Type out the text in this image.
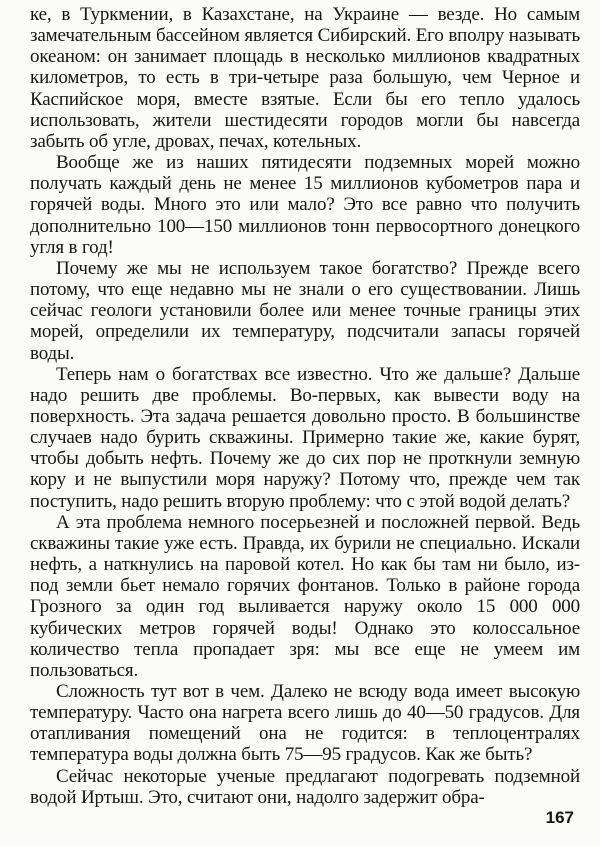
ке, в Туркмении, в Казахстане, на Украине — везде. Но самым замечательным бассейном является Сибирский. Его вполру называть океаном: он занимает площадь в несколько миллионов квадратных километров, то есть в три-четыре раза большую, чем Черное и Каспийское моря, вместе взятые. Если бы его тепло удалось использовать, жители шестидесяти городов могли бы навсегда забыть об угле, дровах, печах, котельных.

Вообще же из наших пятидесяти подземных морей можно получать каждый день не менее 15 миллионов кубометров пара и горячей воды. Много это или мало? Это все равно что получить дополнительно 100—150 миллионов тонн первосортного донецкого угля в год!

Почему же мы не используем такое богатство? Прежде всего потому, что еще недавно мы не знали о его существовании. Лишь сейчас геологи установили более или менее точные границы этих морей, определили их температуру, подсчитали запасы горячей воды.

Теперь нам о богатствах все известно. Что же дальше? Дальше надо решить две проблемы. Во-первых, как вывести воду на поверхность. Эта задача решается довольно просто. В большинстве случаев надо бурить скважины. Примерно такие же, какие бурят, чтобы добыть нефть. Почему же до сих пор не проткнули земную кору и не выпустили моря наружу? Потому что, прежде чем так поступить, надо решить вторую проблему: что с этой водой делать?

А эта проблема немного посерьезней и посложней первой. Ведь скважины такие уже есть. Правда, их бурили не специально. Искали нефть, а наткнулись на паровой котел. Но как бы там ни было, из-под земли бьет немало горячих фонтанов. Только в районе города Грозного за один год выливается наружу около 15 000 000 кубических метров горячей воды! Однако это колоссальное количество тепла пропадает зря: мы все еще не умеем им пользоваться.

Сложность тут вот в чем. Далеко не всюду вода имеет высокую температуру. Часто она нагрета всего лишь до 40—50 градусов. Для отапливания помещений она не годится: в теплоцентралях температура воды должна быть 75—95 градусов. Как же быть?

Сейчас некоторые ученые предлагают подогревать подземной водой Иртыш. Это, считают они, надолго задержит обра-

167
